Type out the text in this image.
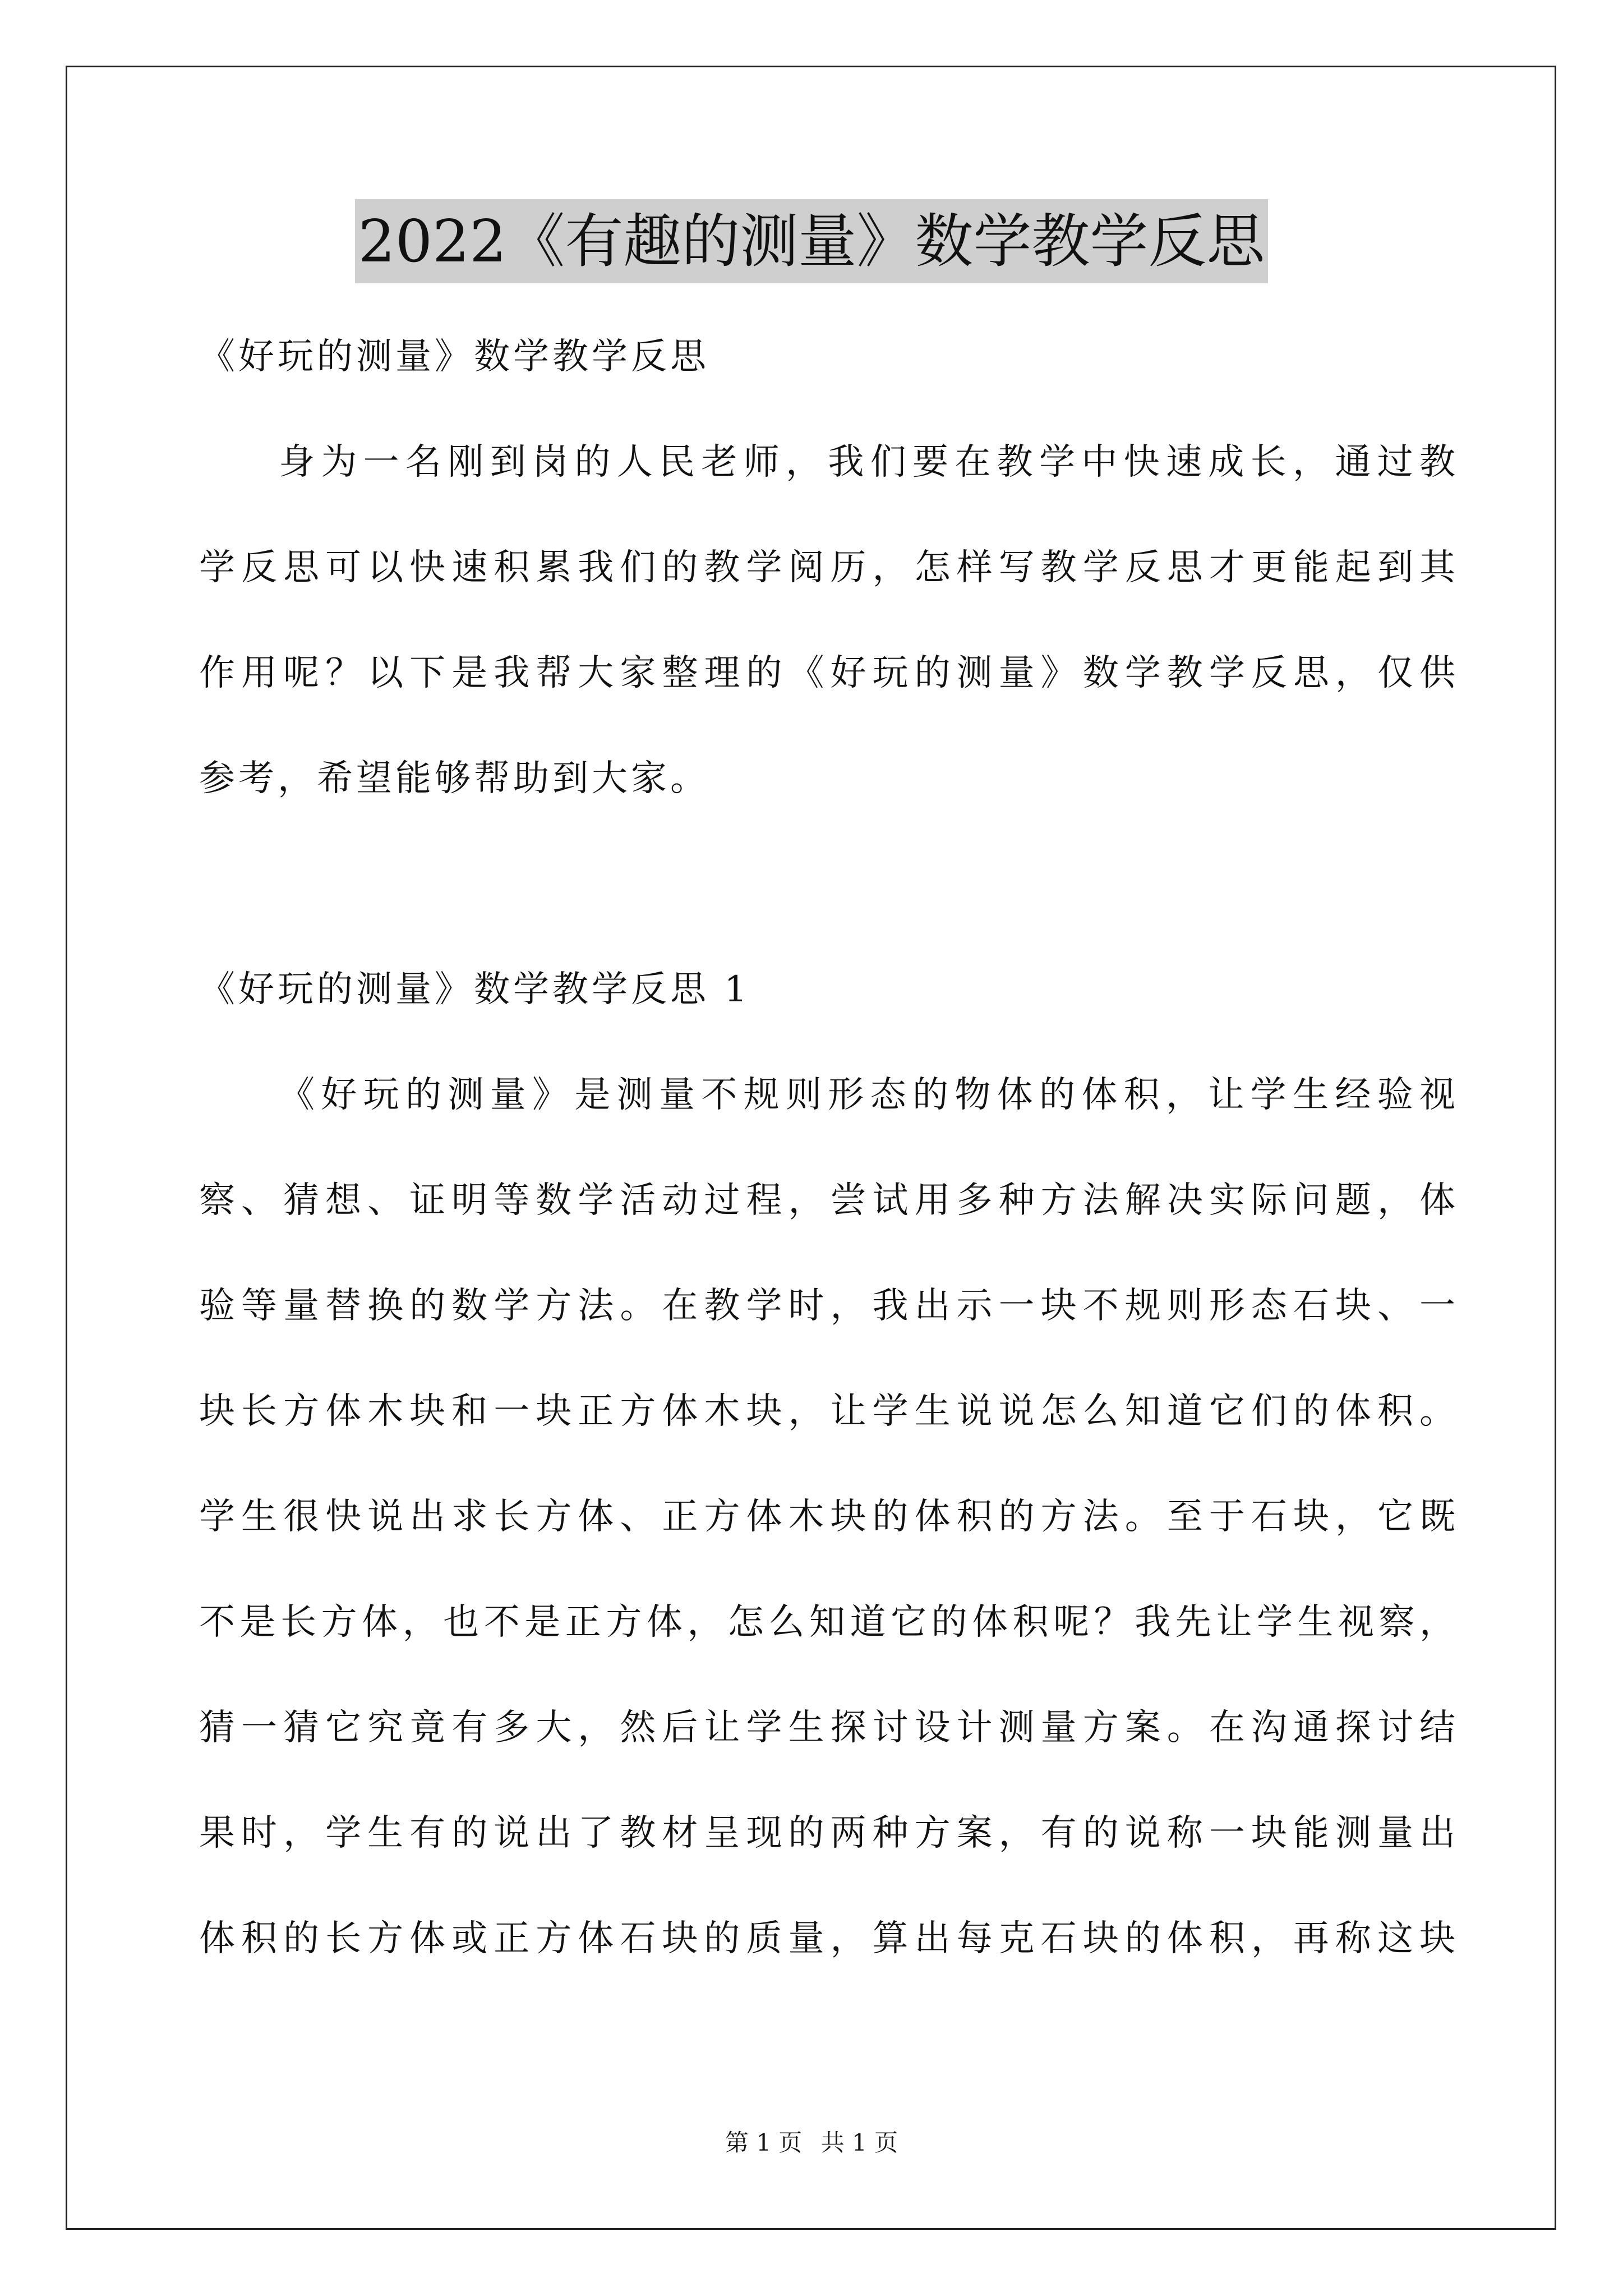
2022《有趣的测量》数学教学反思
《好玩的测量》数学教学反思
身为一名刚到岗的人民老师，我们要在教学中快速成长，通过教
学反思可以快速积累我们的教学阅历，怎样写教学反思才更能起到其
作用呢？以下是我帮大家整理的《好玩的测量》数学教学反思，仅供
参考，希望能够帮助到大家。
《好玩的测量》数学教学反思 1
《好玩的测量》是测量不规则形态的物体的体积，让学生经验视
察、猜想、证明等数学活动过程，尝试用多种方法解决实际问题，体
验等量替换的数学方法。在教学时，我出示一块不规则形态石块、一
块长方体木块和一块正方体木块，让学生说说怎么知道它们的体积。
学生很快说出求长方体、正方体木块的体积的方法。至于石块，它既
不是长方体，也不是正方体，怎么知道它的体积呢？我先让学生视察，
猜一猜它究竟有多大，然后让学生探讨设计测量方案。在沟通探讨结
果时，学生有的说出了教材呈现的两种方案，有的说称一块能测量出
体积的长方体或正方体石块的质量，算出每克石块的体积，再称这块
第 1 页 共 1 页
